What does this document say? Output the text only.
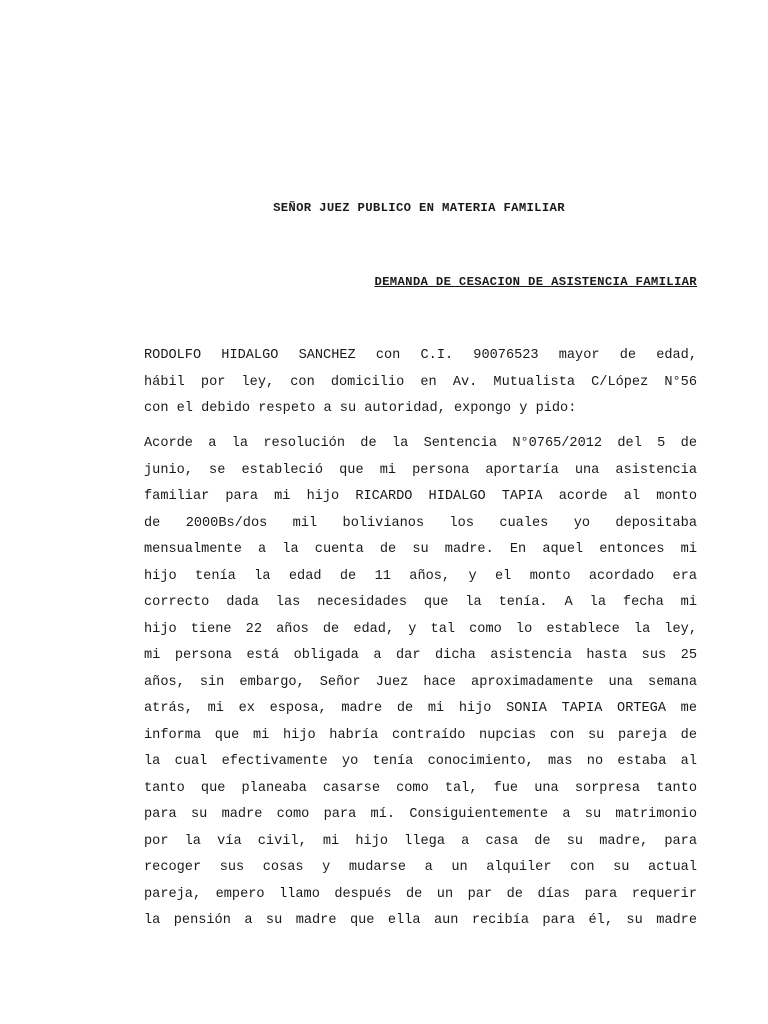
SEÑOR JUEZ PUBLICO EN MATERIA FAMILIAR
DEMANDA DE CESACION DE ASISTENCIA FAMILIAR
RODOLFO HIDALGO SANCHEZ con C.I. 90076523 mayor de edad,
hábil por ley, con domicilio en Av. Mutualista C/López N°56
con el debido respeto a su autoridad, expongo y pido:
Acorde a la resolución de la Sentencia N°0765/2012 del 5 de
junio, se estableció que mi persona aportaría una asistencia
familiar para mi hijo RICARDO HIDALGO TAPIA acorde al monto
de 2000Bs/dos mil bolivianos los cuales yo depositaba
mensualmente a la cuenta de su madre. En aquel entonces mi
hijo tenía la edad de 11 años, y el monto acordado era
correcto dada las necesidades que la tenía. A la fecha mi
hijo tiene 22 años de edad, y tal como lo establece la ley,
mi persona está obligada a dar dicha asistencia hasta sus 25
años, sin embargo, Señor Juez hace aproximadamente una semana
atrás, mi ex esposa, madre de mi hijo SONIA TAPIA ORTEGA me
informa que mi hijo habría contraído nupcias con su pareja de
la cual efectivamente yo tenía conocimiento, mas no estaba al
tanto que planeaba casarse como tal, fue una sorpresa tanto
para su madre como para mí. Consiguientemente a su matrimonio
por la vía civil, mi hijo llega a casa de su madre, para
recoger sus cosas y mudarse a un alquiler con su actual
pareja, empero llamo después de un par de días para requerir
la pensión a su madre que ella aun recibía para él, su madre
